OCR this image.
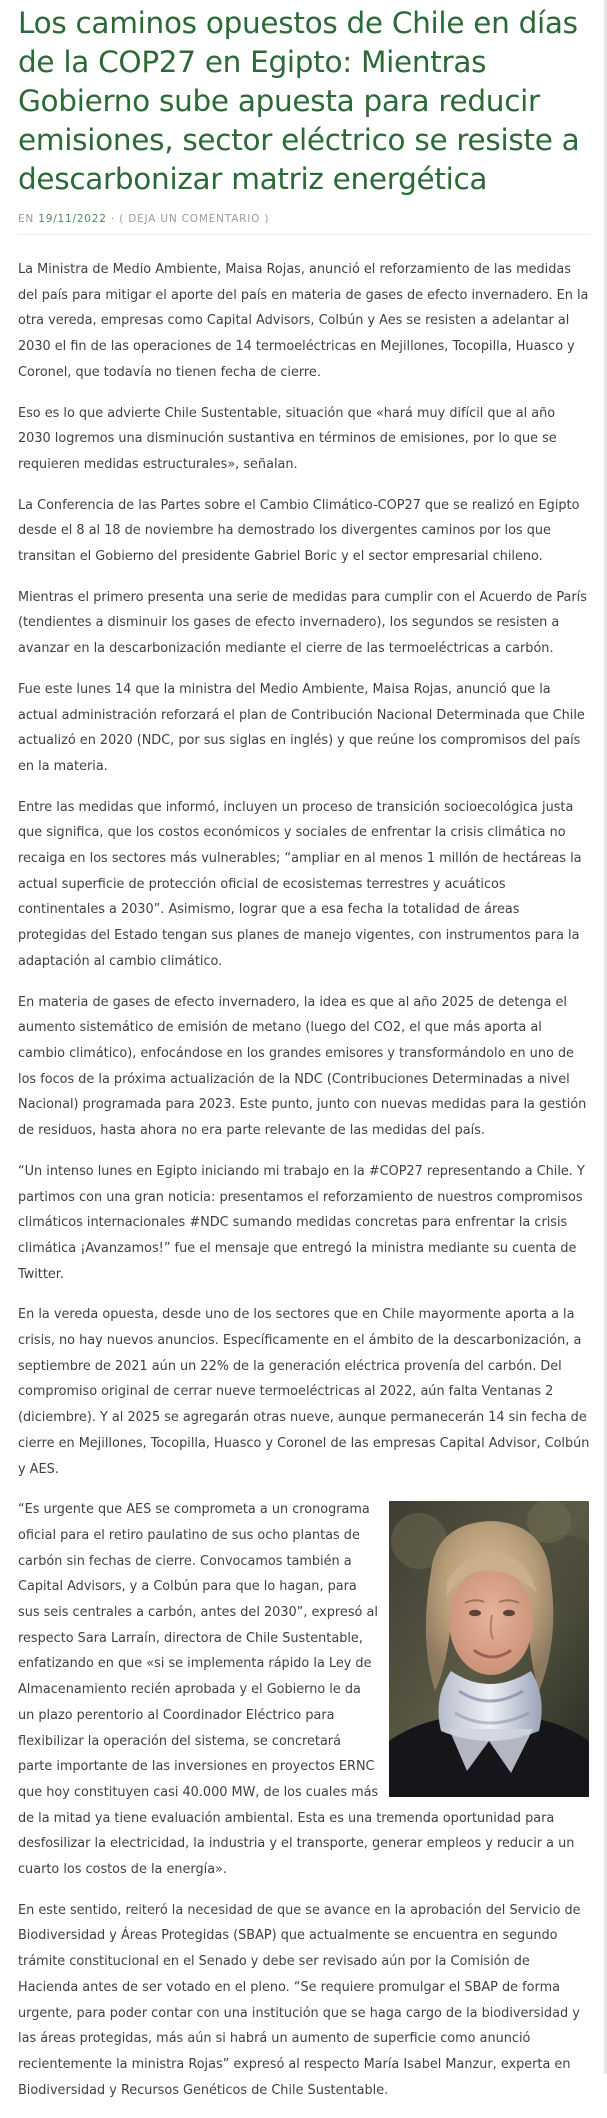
Los caminos opuestos de Chile en días de la COP27 en Egipto: Mientras Gobierno sube apuesta para reducir emisiones, sector eléctrico se resiste a descarbonizar matriz energética
EN 19/11/2022 · ( DEJA UN COMENTARIO )

La Ministra de Medio Ambiente, Maisa Rojas, anunció el reforzamiento de las medidas del país para mitigar el aporte del país en materia de gases de efecto invernadero. En la otra vereda, empresas como Capital Advisors, Colbún y Aes se resisten a adelantar al 2030 el fin de las operaciones de 14 termoeléctricas en Mejillones, Tocopilla, Huasco y Coronel, que todavía no tienen fecha de cierre.

Eso es lo que advierte Chile Sustentable, situación que «hará muy difícil que al año 2030 logremos una disminución sustantiva en términos de emisiones, por lo que se requieren medidas estructurales», señalan.

La Conferencia de las Partes sobre el Cambio Climático-COP27 que se realizó en Egipto desde el 8 al 18 de noviembre ha demostrado los divergentes caminos por los que transitan el Gobierno del presidente Gabriel Boric y el sector empresarial chileno.

Mientras el primero presenta una serie de medidas para cumplir con el Acuerdo de París (tendientes a disminuir los gases de efecto invernadero), los segundos se resisten a avanzar en la descarbonización mediante el cierre de las termoeléctricas a carbón.

Fue este lunes 14 que la ministra del Medio Ambiente, Maisa Rojas, anunció que la actual administración reforzará el plan de Contribución Nacional Determinada que Chile actualizó en 2020 (NDC, por sus siglas en inglés) y que reúne los compromisos del país en la materia.

Entre las medidas que informó, incluyen un proceso de transición socioecológica justa que significa, que los costos económicos y sociales de enfrentar la crisis climática no recaiga en los sectores más vulnerables; “ampliar en al menos 1 millón de hectáreas la actual superficie de protección oficial de ecosistemas terrestres y acuáticos continentales a 2030”. Asimismo, lograr que a esa fecha la totalidad de áreas protegidas del Estado tengan sus planes de manejo vigentes, con instrumentos para la adaptación al cambio climático.

En materia de gases de efecto invernadero, la idea es que al año 2025 de detenga el aumento sistemático de emisión de metano (luego del CO2, el que más aporta al cambio climático), enfocándose en los grandes emisores y transformándolo en uno de los focos de la próxima actualización de la NDC (Contribuciones Determinadas a nivel Nacional) programada para 2023. Este punto, junto con nuevas medidas para la gestión de residuos, hasta ahora no era parte relevante de las medidas del país.

“Un intenso lunes en Egipto iniciando mi trabajo en la #COP27 representando a Chile. Y partimos con una gran noticia: presentamos el reforzamiento de nuestros compromisos climáticos internacionales #NDC sumando medidas concretas para enfrentar la crisis climática ¡Avanzamos!” fue el mensaje que entregó la ministra mediante su cuenta de Twitter.

En la vereda opuesta, desde uno de los sectores que en Chile mayormente aporta a la crisis, no hay nuevos anuncios. Específicamente en el ámbito de la descarbonización, a septiembre de 2021 aún un 22% de la generación eléctrica provenía del carbón. Del compromiso original de cerrar nueve termoeléctricas al 2022, aún falta Ventanas 2 (diciembre). Y al 2025 se agregarán otras nueve, aunque permanecerán 14 sin fecha de cierre en Mejillones, Tocopilla, Huasco y Coronel de las empresas Capital Advisor, Colbún y AES.

“Es urgente que AES se comprometa a un cronograma oficial para el retiro paulatino de sus ocho plantas de carbón sin fechas de cierre. Convocamos también a Capital Advisors, y a Colbún para que lo hagan, para sus seis centrales a carbón, antes del 2030”, expresó al respecto Sara Larraín, directora de Chile Sustentable, enfatizando en que «si se implementa rápido la Ley de Almacenamiento recién aprobada y el Gobierno le da un plazo perentorio al Coordinador Eléctrico para flexibilizar la operación del sistema, se concretará parte importante de las inversiones en proyectos ERNC que hoy constituyen casi 40.000 MW, de los cuales más de la mitad ya tiene evaluación ambiental. Esta es una tremenda oportunidad para desfosilizar la electricidad, la industria y el transporte, generar empleos y reducir a un cuarto los costos de la energía».

En este sentido, reiteró la necesidad de que se avance en la aprobación del Servicio de Biodiversidad y Áreas Protegidas (SBAP) que actualmente se encuentra en segundo trámite constitucional en el Senado y debe ser revisado aún por la Comisión de Hacienda antes de ser votado en el pleno. “Se requiere promulgar el SBAP de forma urgente, para poder contar con una institución que se haga cargo de la biodiversidad y las áreas protegidas, más aún si habrá un aumento de superficie como anunció recientemente la ministra Rojas” expresó al respecto María Isabel Manzur, experta en Biodiversidad y Recursos Genéticos de Chile Sustentable.
